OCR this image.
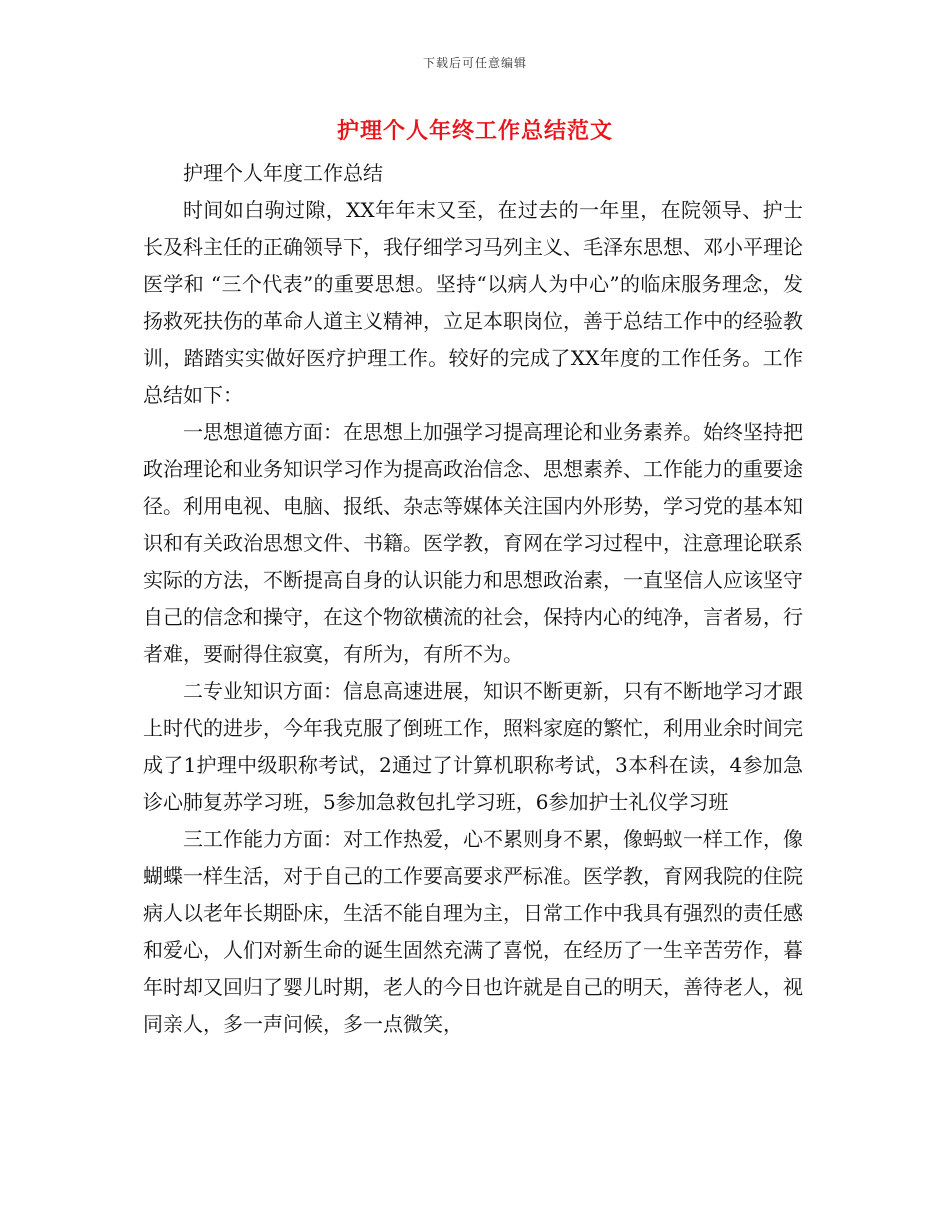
下载后可任意编辑
护理个人年终工作总结范文

护理个人年度工作总结

时间如白驹过隙，XX年年末又至，在过去的一年里，在院领导、护士长及科主任的正确领导下，我仔细学习马列主义、毛泽东思想、邓小平理论医学和 “三个代表”的重要思想。坚持“以病人为中心”的临床服务理念，发扬救死扶伤的革命人道主义精神，立足本职岗位，善于总结工作中的经验教训，踏踏实实做好医疗护理工作。较好的完成了XX年度的工作任务。工作总结如下：

一思想道德方面：在思想上加强学习提高理论和业务素养。始终坚持把政治理论和业务知识学习作为提高政治信念、思想素养、工作能力的重要途径。利用电视、电脑、报纸、杂志等媒体关注国内外形势，学习党的基本知识和有关政治思想文件、书籍。医学教，育网在学习过程中，注意理论联系实际的方法，不断提高自身的认识能力和思想政治素，一直坚信人应该坚守自己的信念和操守，在这个物欲横流的社会，保持内心的纯净，言者易，行者难，要耐得住寂寞，有所为，有所不为。

二专业知识方面：信息高速进展，知识不断更新，只有不断地学习才跟上时代的进步，今年我克服了倒班工作，照料家庭的繁忙，利用业余时间完成了1护理中级职称考试，2通过了计算机职称考试，3本科在读，4参加急诊心肺复苏学习班，5参加急救包扎学习班，6参加护士礼仪学习班

三工作能力方面：对工作热爱，心不累则身不累，像蚂蚁一样工作，像蝴蝶一样生活，对于自己的工作要高要求严标准。医学教，育网我院的住院病人以老年长期卧床，生活不能自理为主，日常工作中我具有强烈的责任感和爱心，人们对新生命的诞生固然充满了喜悦，在经历了一生辛苦劳作，暮年时却又回归了婴儿时期，老人的今日也许就是自己的明天，善待老人，视同亲人，多一声问候，多一点微笑，
